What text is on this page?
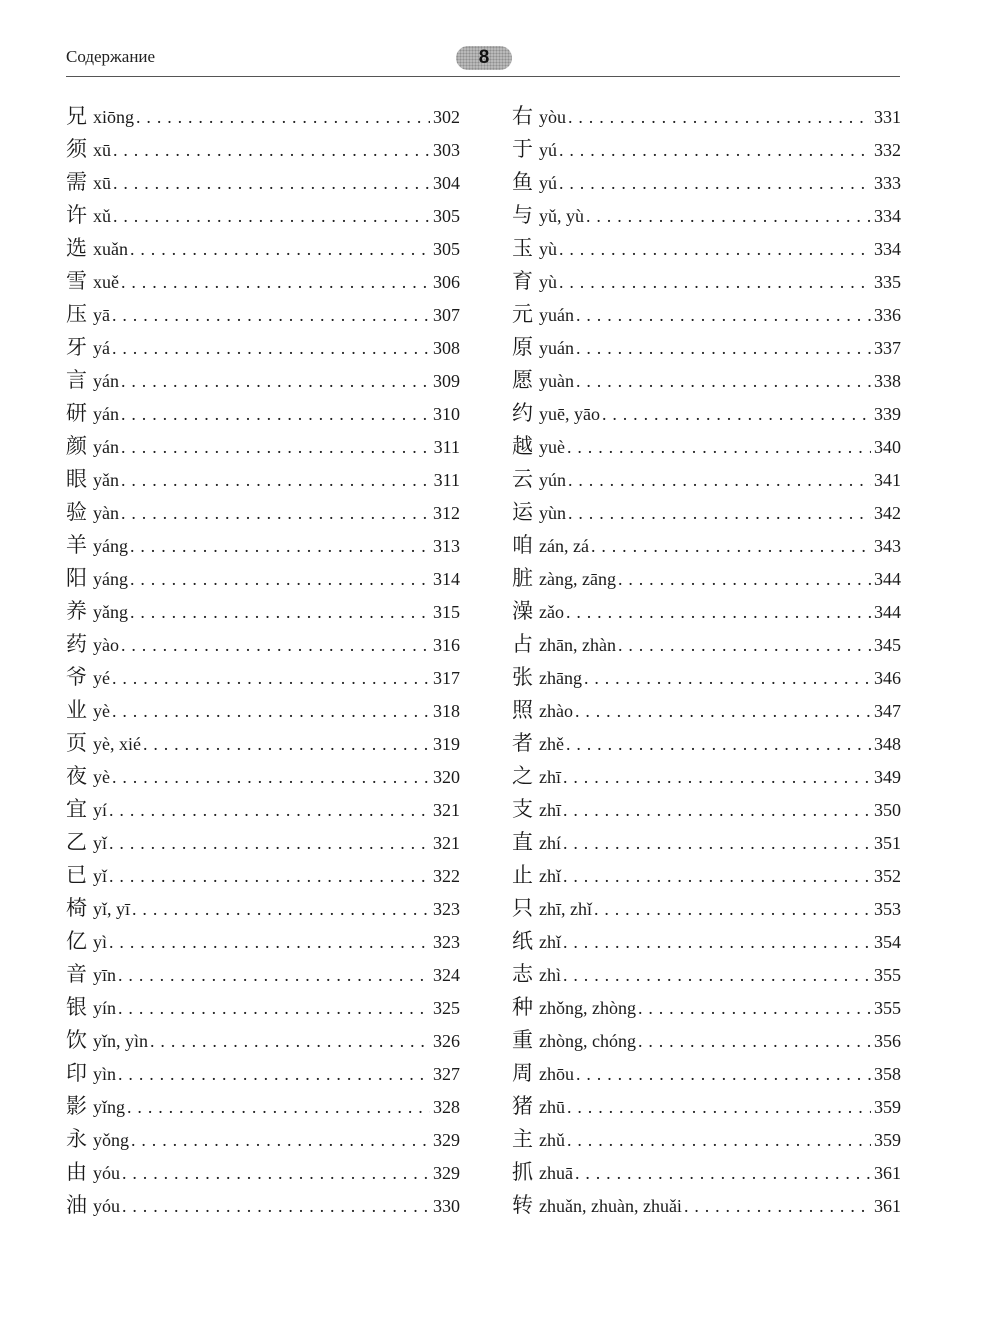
Содержание	8
兄 xiōng . . .	302
须 xū . . .	303
需 xū . . .	304
许 xǔ . . .	305
选 xuǎn . . .	305
雪 xuě . . .	306
压 yā . . .	307
牙 yá . . .	308
言 yán . . .	309
研 yán . . .	310
颜 yán . . .	311
眼 yǎn . . .	311
验 yàn . . .	312
羊 yáng . . .	313
阳 yáng . . .	314
养 yǎng . . .	315
药 yào . . .	316
爷 yé . . .	317
业 yè . . .	318
页 yè, xié . . .	319
夜 yè . . .	320
宜 yí . . .	321
乙 yǐ . . .	321
已 yǐ . . .	322
椅 yǐ, yī . . .	323
亿 yì . . .	323
音 yīn . . .	324
银 yín . . .	325
饮 yǐn, yìn . . .	326
印 yìn . . .	327
影 yǐng . . .	328
永 yǒng . . .	329
由 yóu . . .	329
油 yóu . . .	330
右 yòu . . .	331
于 yú . . .	332
鱼 yú . . .	333
与 yǔ, yù . . .	334
玉 yù . . .	334
育 yù . . .	335
元 yuán . . .	336
原 yuán . . .	337
愿 yuàn . . .	338
约 yuē, yāo . . .	339
越 yuè . . .	340
云 yún . . .	341
运 yùn . . .	342
咱 zán, zá . . .	343
脏 zàng, zāng . . .	344
澡 zǎo . . .	344
占 zhān, zhàn . . .	345
张 zhāng . . .	346
照 zhào . . .	347
者 zhě . . .	348
之 zhī . . .	349
支 zhī . . .	350
直 zhí . . .	351
止 zhǐ . . .	352
只 zhī, zhǐ . . .	353
纸 zhǐ . . .	354
志 zhì . . .	355
种 zhǒng, zhòng . . .	355
重 zhòng, chóng . . .	356
周 zhōu . . .	358
猪 zhū . . .	359
主 zhǔ . . .	359
抓 zhuā . . .	361
转 zhuǎn, zhuàn, zhuǎi . . .	361
